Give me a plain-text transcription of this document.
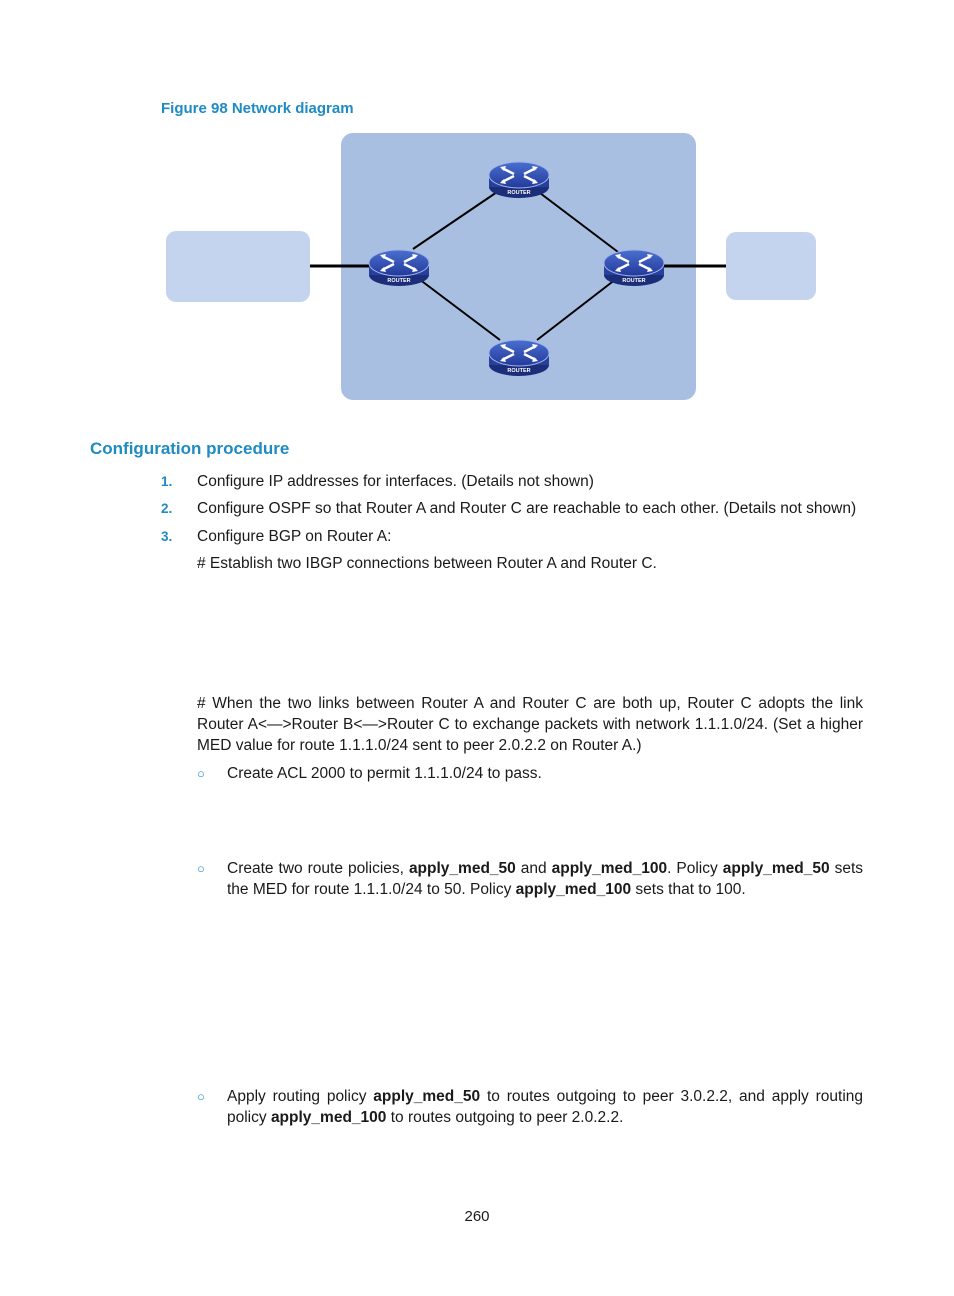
Figure 98 Network diagram
ROUTER
ROUTER	ROUTER
ROUTER
Configuration procedure
1. Configure IP addresses for interfaces. (Details not shown)
2. Configure OSPF so that Router A and Router C are reachable to each other. (Details not shown)
3. Configure BGP on Router A:
# Establish two IBGP connections between Router A and Router C.
# When the two links between Router A and Router C are both up, Router C adopts the link Router A<—>Router B<—>Router C to exchange packets with network 1.1.1.0/24. (Set a higher MED value for route 1.1.1.0/24 sent to peer 2.0.2.2 on Router A.)
○ Create ACL 2000 to permit 1.1.1.0/24 to pass.
○ Create two route policies, apply_med_50 and apply_med_100. Policy apply_med_50 sets the MED for route 1.1.1.0/24 to 50. Policy apply_med_100 sets that to 100.
○ Apply routing policy apply_med_50 to routes outgoing to peer 3.0.2.2, and apply routing policy apply_med_100 to routes outgoing to peer 2.0.2.2.
260
